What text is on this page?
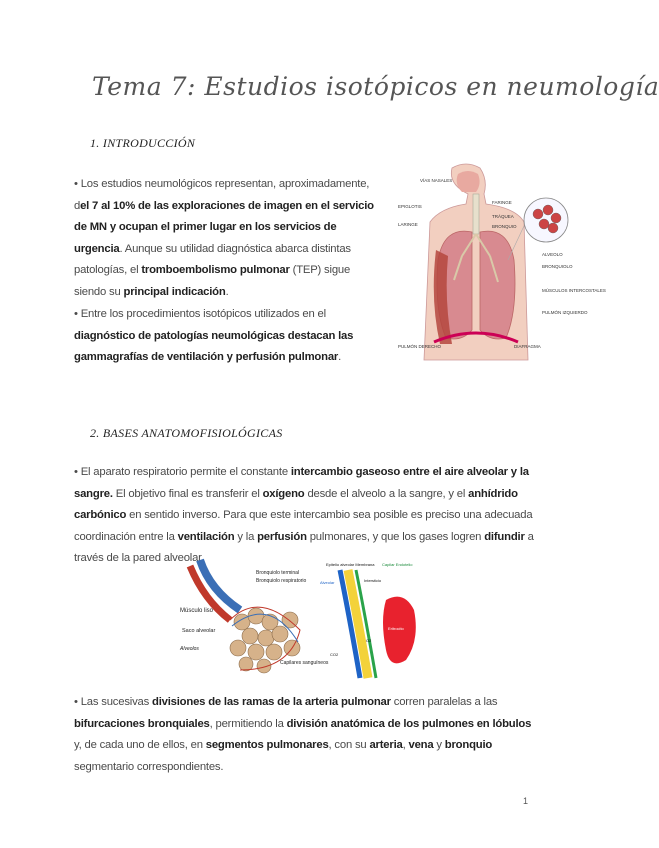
Tema 7: Estudios isotópicos en neumología
1. INTRODUCCIÓN
• Los estudios neumológicos representan, aproximadamente, del 7 al 10% de las exploraciones de imagen en el servicio de MN y ocupan el primer lugar en los servicios de urgencia. Aunque su utilidad diagnóstica abarca distintas patologías, el tromboembolismo pulmonar (TEP) sigue siendo su principal indicación.
• Entre los procedimientos isotópicos utilizados en el diagnóstico de patologías neumológicas destacan las gammagrafías de ventilación y perfusión pulmonar.
VÍAS NASALES
EPIGLOTIS
LARINGE
FARINGE
TRÁQUEA
BRONQUIO
ALVEOLO
BRONQUIOLO
MÚSCULOS INTERCOSTALES
PULMÓN IZQUIERDO
PULMÓN DERECHO	DIAFRAGMA
2. BASES ANATOMOFISIOLÓGICAS
• El aparato respiratorio permite el constante intercambio gaseoso entre el aire alveolar y la sangre. El objetivo final es transferir el oxígeno desde el alveolo a la sangre, y el anhídrido carbónico en sentido inverso. Para que este intercambio sea posible es preciso una adecuada coordinación entre la ventilación y la perfusión pulmonares, y que los gases logren difundir a través de la pared alveolar.
Bronquiolo terminal
Bronquiolo respiratorio
Músculo liso
Saco alveolar
Alveolos
Capilares sanguíneos
Epitelio alveolar Membrana Capilar Endotelio
Alveolar	Intersticio
Eritrocito
O2
CO2
• Las sucesivas divisiones de las ramas de la arteria pulmonar corren paralelas a las bifurcaciones bronquiales, permitiendo la división anatómica de los pulmones en lóbulos y, de cada uno de ellos, en segmentos pulmonares, con su arteria, vena y bronquio segmentario correspondientes.
1
